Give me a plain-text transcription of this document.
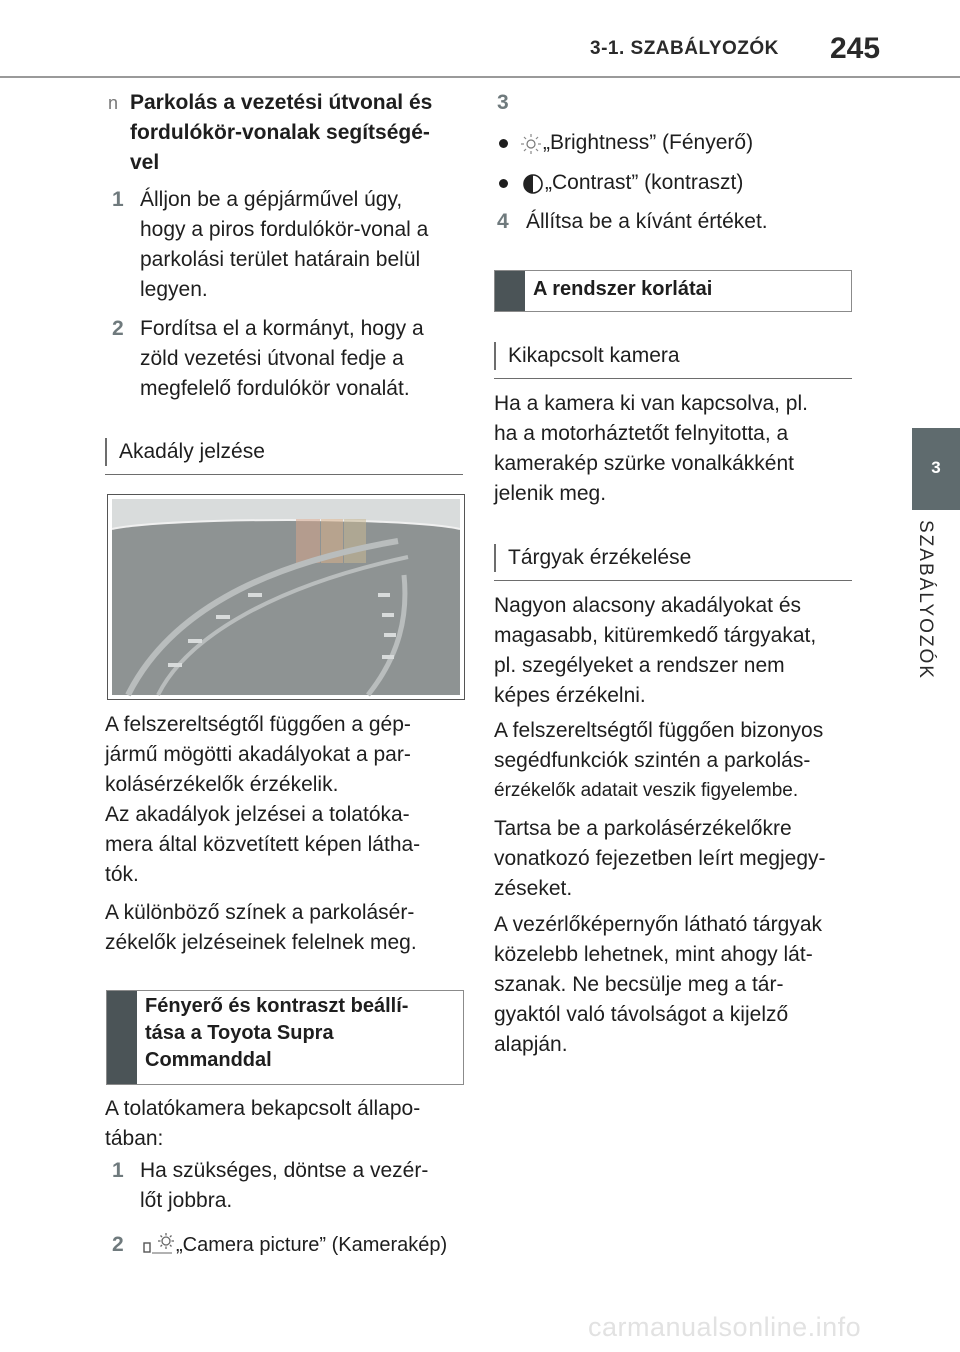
3-1. SZABÁLYOZÓK 245
3
SZABÁLYOZÓK
n Parkolás a vezetési útvonal és
fordulókör-vonalak segítségé-
vel
1 Álljon be a gépjárművel úgy,
hogy a piros fordulókör-vonal a
parkolási terület határain belül
legyen.
2 Fordítsa el a kormányt, hogy a
zöld vezetési útvonal fedje a
megfelelő fordulókör vonalát.
Akadály jelzése
A felszereltségtől függően a gép-
jármű mögötti akadályokat a par-
kolásérzékelők érzékelik.
Az akadályok jelzései a tolatóka-
mera által közvetített képen látha-
tók.
A különböző színek a parkolásér-
zékelők jelzéseinek felelnek meg.
Fényerő és kontraszt beállí-
tása a Toyota Supra
Commanddal
A tolatókamera bekapcsolt állapo-
tában:
1 Ha szükséges, döntse a vezér-
lőt jobbra.
2	„Camera picture” (Kamerakép)
3
„Brightness” (Fényerő)
„Contrast” (kontraszt)
4 Állítsa be a kívánt értéket.
A rendszer korlátai
Kikapcsolt kamera
Ha a kamera ki van kapcsolva, pl.
ha a motorháztetőt felnyitotta, a
kamerakép szürke vonalkákként
jelenik meg.
Tárgyak érzékelése
Nagyon alacsony akadályokat és
magasabb, kitüremkedő tárgyakat,
pl. szegélyeket a rendszer nem
képes érzékelni.
A felszereltségtől függően bizonyos
segédfunkciók szintén a parkolás-
érzékelők adatait veszik figyelembe.
Tartsa be a parkolásérzékelőkre
vonatkozó fejezetben leírt megjegy-
zéseket.
A vezérlőképernyőn látható tárgyak
közelebb lehetnek, mint ahogy lát-
szanak. Ne becsülje meg a tár-
gyaktól való távolságot a kijelző
alapján.
carmanualsonline.info
